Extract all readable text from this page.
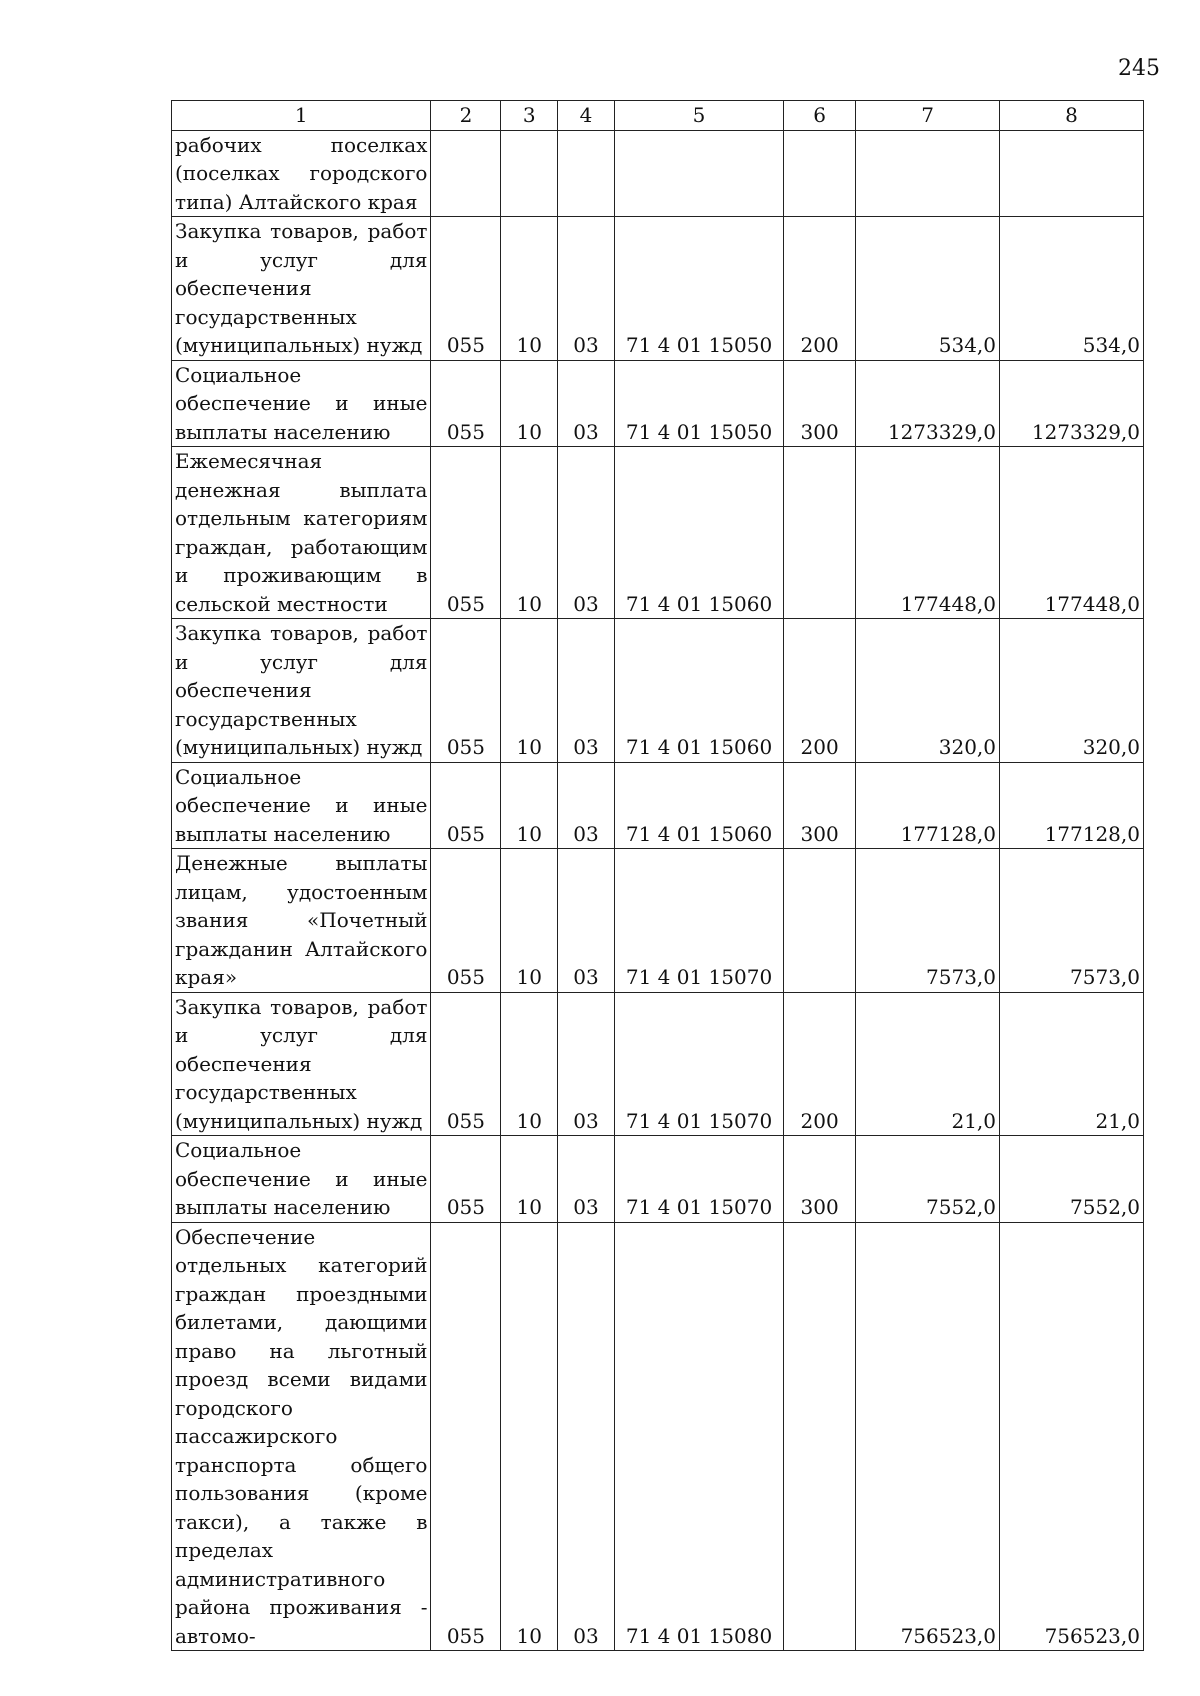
245
1	2	3	4	5	6	7	8
рабочих поселках (поселках городского типа) Алтайского края							
Закупка товаров, работ и услуг для обеспечения государственных (муниципальных) нужд	055	10	03	71 4 01 15050	200	534,0	534,0
Социальное обеспечение и иные выплаты населению	055	10	03	71 4 01 15050	300	1273329,0	1273329,0
Ежемесячная денежная выплата отдельным категориям граждан, работающим и проживающим в сельской местности	055	10	03	71 4 01 15060		177448,0	177448,0
Закупка товаров, работ и услуг для обеспечения государственных (муниципальных) нужд	055	10	03	71 4 01 15060	200	320,0	320,0
Социальное обеспечение и иные выплаты населению	055	10	03	71 4 01 15060	300	177128,0	177128,0
Денежные выплаты лицам, удостоенным звания «Почетный гражданин Алтайского края»	055	10	03	71 4 01 15070		7573,0	7573,0
Закупка товаров, работ и услуг для обеспечения государственных (муниципальных) нужд	055	10	03	71 4 01 15070	200	21,0	21,0
Социальное обеспечение и иные выплаты населению	055	10	03	71 4 01 15070	300	7552,0	7552,0
Обеспечение отдельных категорий граждан проездными билетами, дающими право на льготный проезд всеми видами городского пассажирского транспорта общего пользования (кроме такси), а также в пределах административного района проживания - автомо-	055	10	03	71 4 01 15080		756523,0	756523,0
